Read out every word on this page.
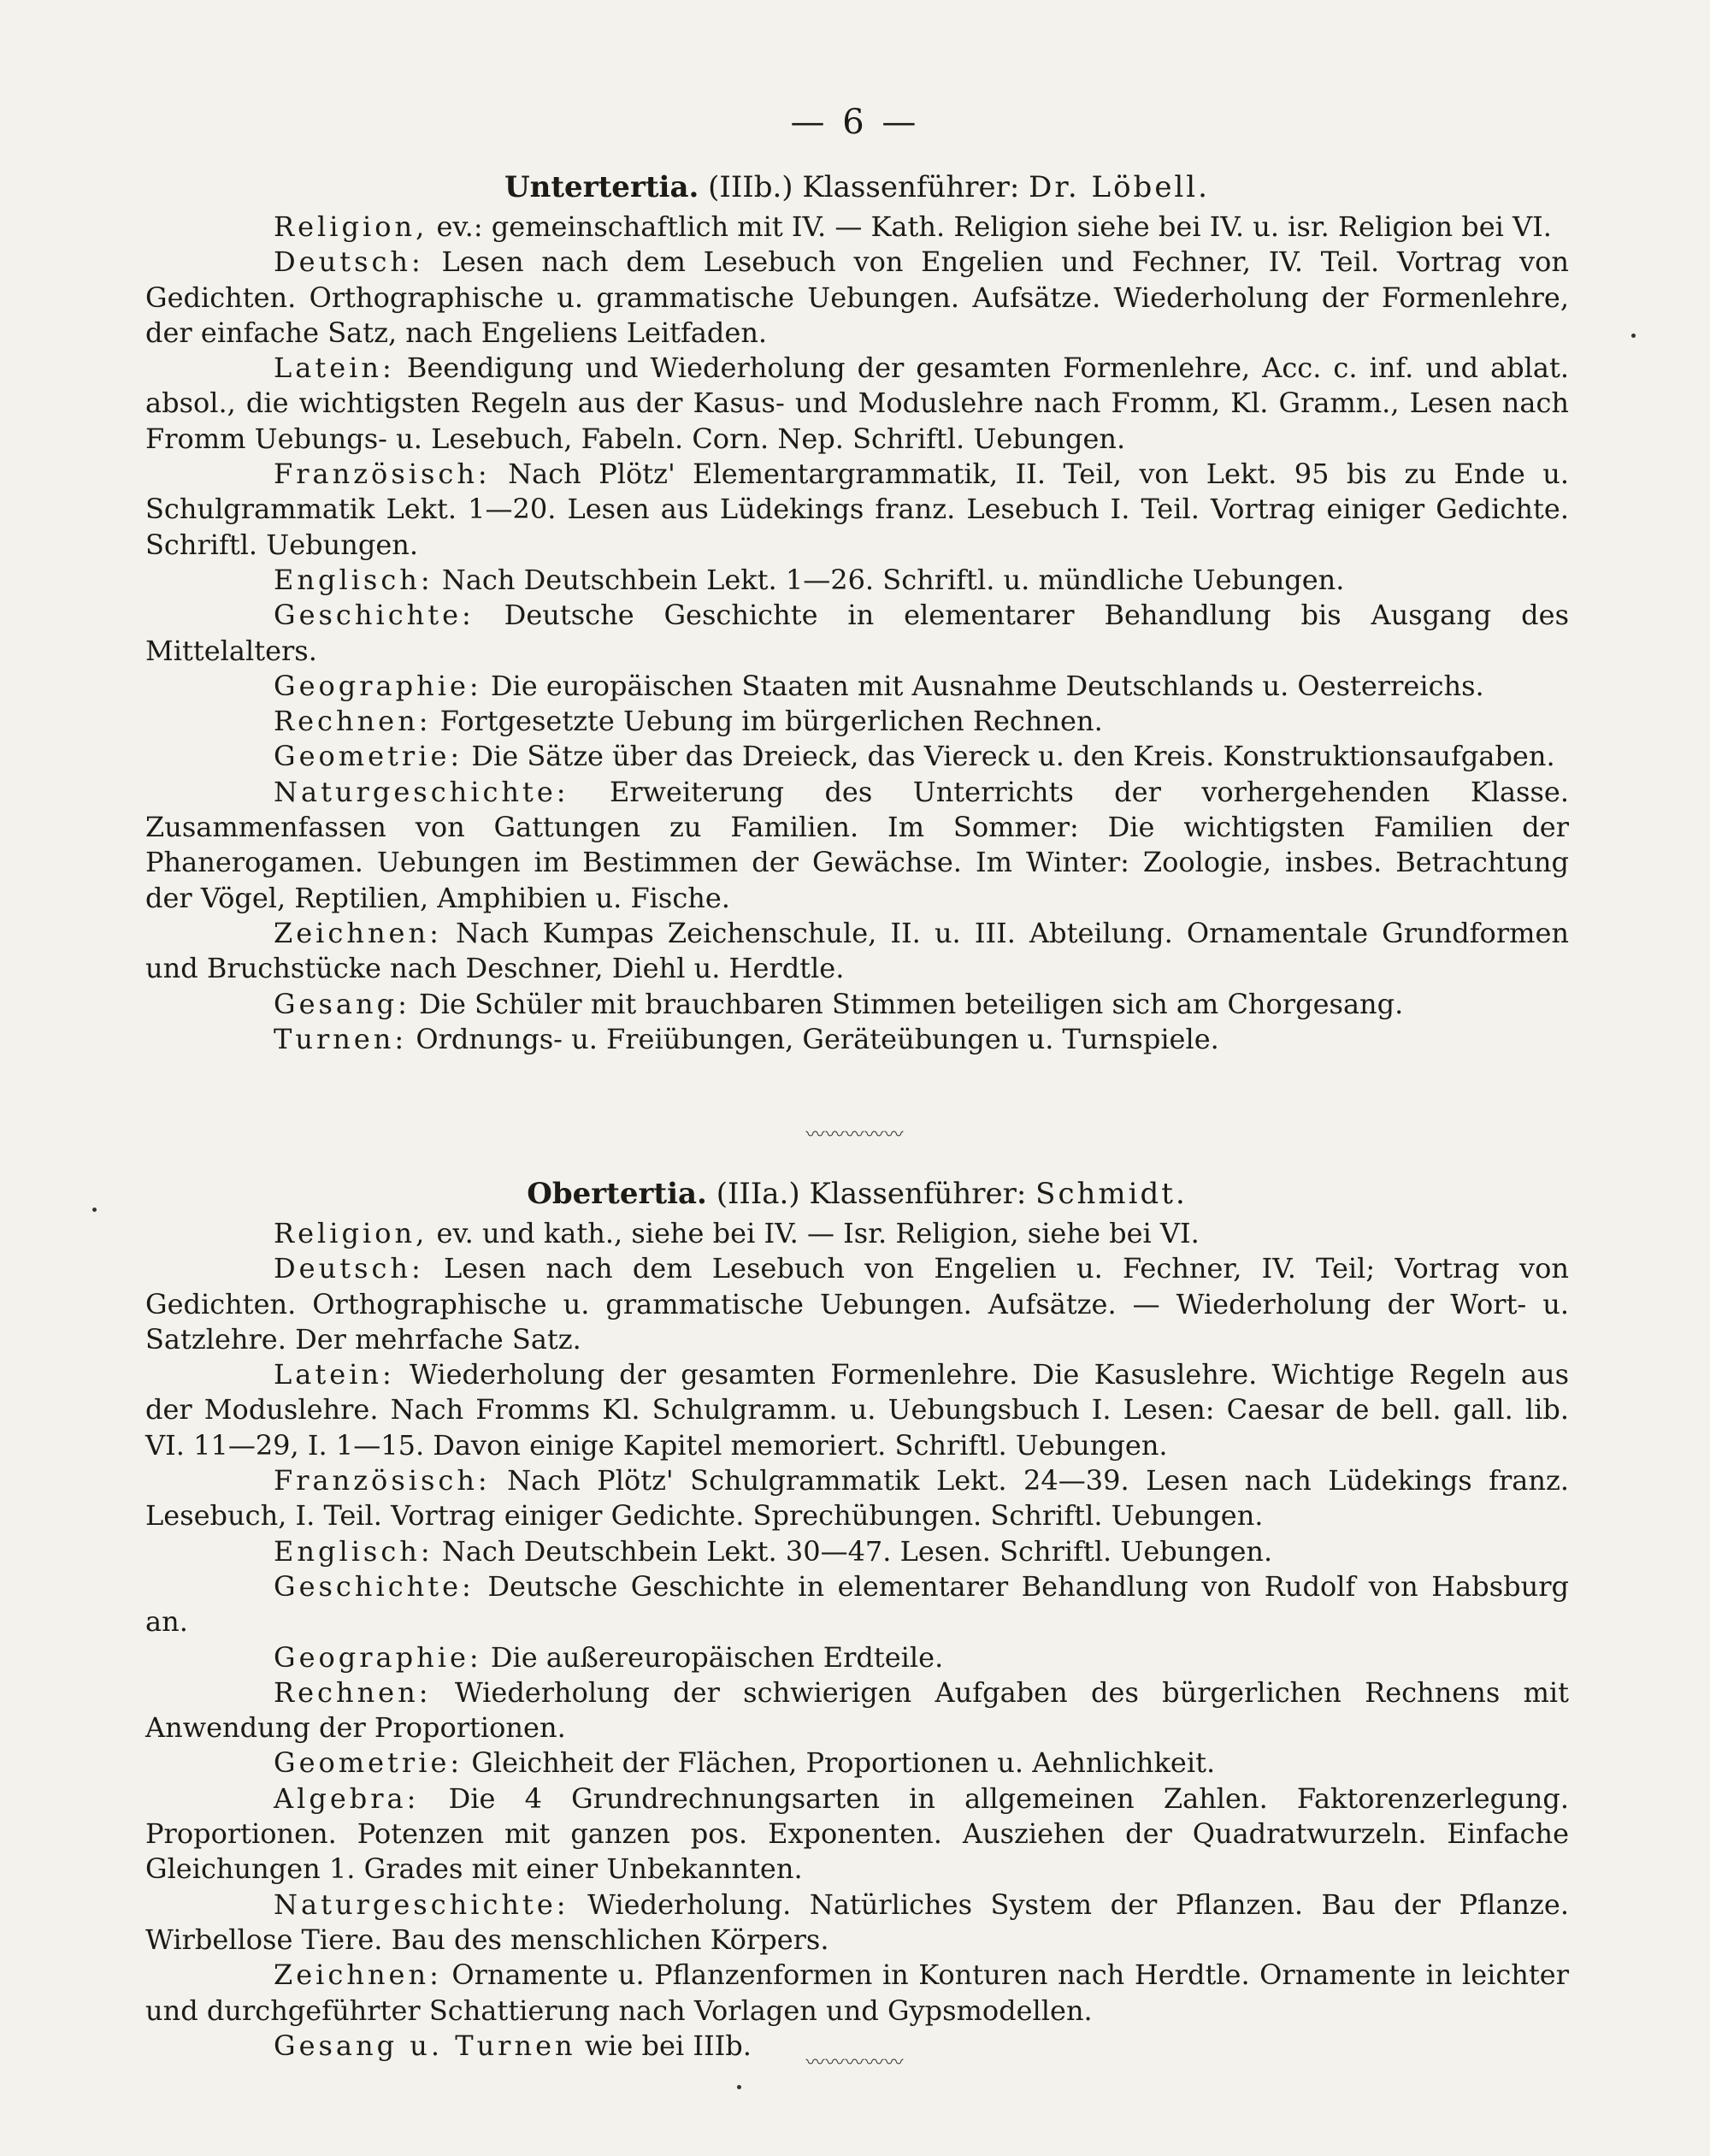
— 6 —
Untertertia. (IIIb.) Klassenführer: Dr. Löbell.

Religion, ev.: gemeinschaftlich mit IV. — Kath. Religion siehe bei IV. u. isr. Religion bei VI.

Deutsch: Lesen nach dem Lesebuch von Engelien und Fechner, IV. Teil. Vortrag von Gedichten. Orthographische u. grammatische Uebungen. Aufsätze. Wiederholung der Formenlehre, der einfache Satz, nach Engeliens Leitfaden.

Latein: Beendigung und Wiederholung der gesamten Formenlehre, Acc. c. inf. und ablat. absol., die wichtigsten Regeln aus der Kasus- und Moduslehre nach Fromm, Kl. Gramm., Lesen nach Fromm Uebungs- u. Lesebuch, Fabeln. Corn. Nep. Schriftl. Uebungen.

Französisch: Nach Plötz' Elementargrammatik, II. Teil, von Lekt. 95 bis zu Ende u. Schulgrammatik Lekt. 1—20. Lesen aus Lüdekings franz. Lesebuch I. Teil. Vortrag einiger Gedichte. Schriftl. Uebungen.

Englisch: Nach Deutschbein Lekt. 1—26. Schriftl. u. mündliche Uebungen.

Geschichte: Deutsche Geschichte in elementarer Behandlung bis Ausgang des Mittelalters.

Geographie: Die europäischen Staaten mit Ausnahme Deutschlands u. Oesterreichs.

Rechnen: Fortgesetzte Uebung im bürgerlichen Rechnen.

Geometrie: Die Sätze über das Dreieck, das Viereck u. den Kreis. Konstruktionsaufgaben.

Naturgeschichte: Erweiterung des Unterrichts der vorhergehenden Klasse. Zusammenfassen von Gattungen zu Familien. Im Sommer: Die wichtigsten Familien der Phanerogamen. Uebungen im Bestimmen der Gewächse. Im Winter: Zoologie, insbes. Betrachtung der Vögel, Reptilien, Amphibien u. Fische.

Zeichnen: Nach Kumpas Zeichenschule, II. u. III. Abteilung. Ornamentale Grundformen und Bruchstücke nach Deschner, Diehl u. Herdtle.

Gesang: Die Schüler mit brauchbaren Stimmen beteiligen sich am Chorgesang.

Turnen: Ordnungs- u. Freiübungen, Geräteübungen u. Turnspiele.

〰〰〰〰〰
Obertertia. (IIIa.) Klassenführer: Schmidt.

Religion, ev. und kath., siehe bei IV. — Isr. Religion, siehe bei VI.

Deutsch: Lesen nach dem Lesebuch von Engelien u. Fechner, IV. Teil; Vortrag von Gedichten. Orthographische u. grammatische Uebungen. Aufsätze. — Wiederholung der Wort- u. Satzlehre. Der mehrfache Satz.

Latein: Wiederholung der gesamten Formenlehre. Die Kasuslehre. Wichtige Regeln aus der Moduslehre. Nach Fromms Kl. Schulgramm. u. Uebungsbuch I. Lesen: Caesar de bell. gall. lib. VI. 11—29, I. 1—15. Davon einige Kapitel memoriert. Schriftl. Uebungen.

Französisch: Nach Plötz' Schulgrammatik Lekt. 24—39. Lesen nach Lüdekings franz. Lesebuch, I. Teil. Vortrag einiger Gedichte. Sprechübungen. Schriftl. Uebungen.

Englisch: Nach Deutschbein Lekt. 30—47. Lesen. Schriftl. Uebungen.

Geschichte: Deutsche Geschichte in elementarer Behandlung von Rudolf von Habsburg an.

Geographie: Die außereuropäischen Erdteile.

Rechnen: Wiederholung der schwierigen Aufgaben des bürgerlichen Rechnens mit Anwendung der Proportionen.

Geometrie: Gleichheit der Flächen, Proportionen u. Aehnlichkeit.

Algebra: Die 4 Grundrechnungsarten in allgemeinen Zahlen. Faktorenzerlegung. Proportionen. Potenzen mit ganzen pos. Exponenten. Ausziehen der Quadratwurzeln. Einfache Gleichungen 1. Grades mit einer Unbekannten.

Naturgeschichte: Wiederholung. Natürliches System der Pflanzen. Bau der Pflanze. Wirbellose Tiere. Bau des menschlichen Körpers.

Zeichnen: Ornamente u. Pflanzenformen in Konturen nach Herdtle. Ornamente in leichter und durchgeführter Schattierung nach Vorlagen und Gypsmodellen.

Gesang u. Turnen wie bei IIIb.

〰〰〰〰〰
